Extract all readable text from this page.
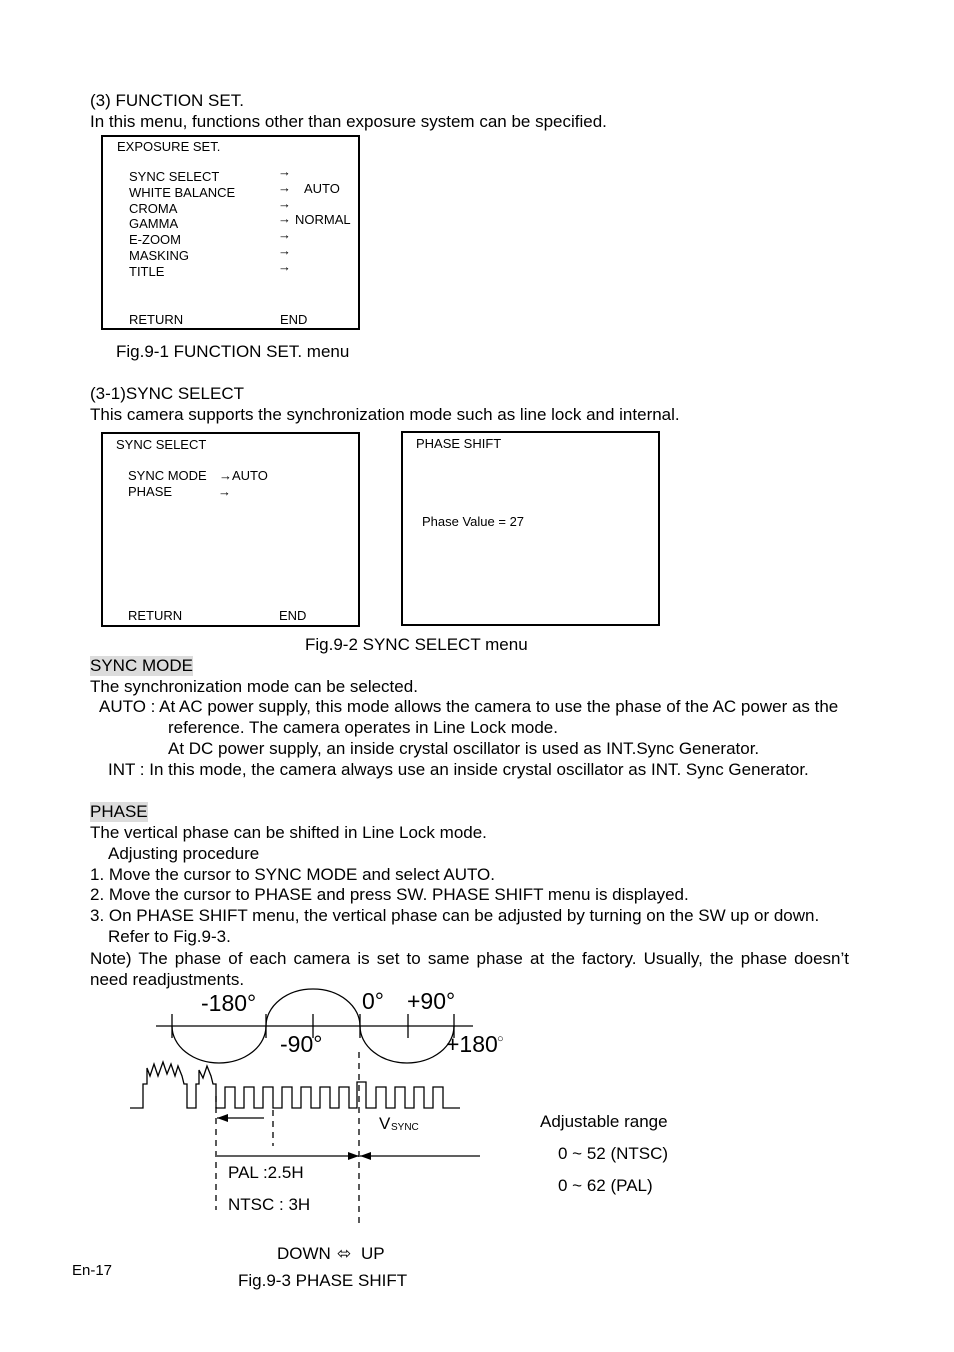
(3) FUNCTION SET.
In this menu, functions other than exposure system can be specified.
EXPOSURE SET.
SYNC SELECT	→
WHITE BALANCE	→ AUTO
CROMA	→
GAMMA	→ NORMAL
E-ZOOM	→
MASKING	→
TITLE	→
RETURN	END
Fig.9-1 FUNCTION SET. menu
(3-1)SYNC SELECT
This camera supports the synchronization mode such as line lock and internal.
SYNC SELECT
SYNC MODE →AUTO
PHASE	→
RETURN	END
PHASE SHIFT
Phase Value = 27
Fig.9-2 SYNC SELECT menu
SYNC MODE
The synchronization mode can be selected.
AUTO : At AC power supply, this mode allows the camera to use the phase of the AC power as the
reference. The camera operates in Line Lock mode.
At DC power supply, an inside crystal oscillator is used as INT.Sync Generator.
INT : In this mode, the camera always use an inside crystal oscillator as INT. Sync Generator.
PHASE
The vertical phase can be shifted in Line Lock mode.
Adjusting procedure
1. Move the cursor to SYNC MODE and select AUTO.
2. Move the cursor to PHASE and press SW. PHASE SHIFT menu is displayed.
3. On PHASE SHIFT menu, the vertical phase can be adjusted by turning on the SW up or down.
Refer to Fig.9-3.
Note) The phase of each camera is set to same phase at the factory. Usually, the phase doesn’t need readjustments.
-180°	0° +90°
-90°	+180 ○
V SYNC
PAL :2.5H
NTSC : 3H
Adjustable range
0 ~ 52 (NTSC)
0 ~ 62 (PAL)
DOWN ⬄ UP
Fig.9-3 PHASE SHIFT
En-17
